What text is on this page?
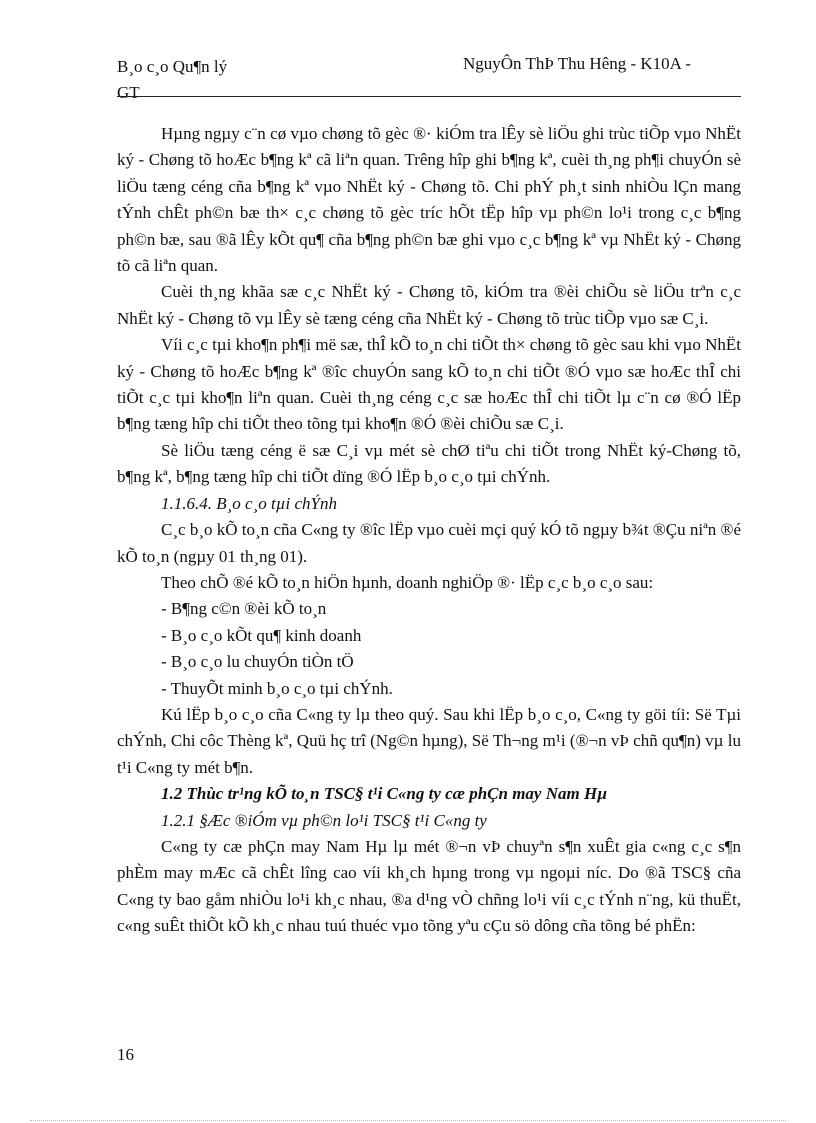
B¸o c¸o Qu¶n lý
GT
NguyÔn ThÞ Thu Hêng - K10A -

Hµng ngµy c¨n cø vµo chøng tõ gèc ®· kiÓm tra lÊy sè liÖu ghi trùc tiÕp vµo NhËt ký - Chøng tõ hoÆc b¶ng kª cã liªn quan. Trêng hîp ghi b¶ng kª, cuèi th¸ng ph¶i chuyÓn sè liÖu tæng céng cña b¶ng kª vµo NhËt ký - Chøng tõ. Chi phÝ ph¸t sinh nhiÒu lÇn mang tÝnh chÊt ph©n bæ th× c¸c chøng tõ gèc tríc hÕt tËp hîp vµ ph©n lo¹i trong c¸c b¶ng ph©n bæ, sau ®ã lÊy kÕt qu¶ cña b¶ng ph©n bæ ghi vµo c¸c b¶ng kª vµ NhËt ký - Chøng tõ cã liªn quan.

Cuèi th¸ng khãa sæ c¸c NhËt ký - Chøng tõ, kiÓm tra ®èi chiÕu sè liÖu trªn c¸c NhËt ký - Chøng tõ vµ lÊy sè tæng céng cña NhËt ký - Chøng tõ trùc tiÕp vµo sæ C¸i.

Víi c¸c tµi kho¶n ph¶i më sæ, thÎ kÕ to¸n chi tiÕt th× chøng tõ gèc sau khi vµo NhËt ký - Chøng tõ hoÆc b¶ng kª ®îc chuyÓn sang kÕ to¸n chi tiÕt ®Ó vµo sæ hoÆc thÎ chi tiÕt c¸c tµi kho¶n liªn quan. Cuèi th¸ng céng c¸c sæ hoÆc thÎ chi tiÕt lµ c¨n cø ®Ó lËp b¶ng tæng hîp chi tiÕt theo tõng tµi kho¶n ®Ó ®èi chiÕu sæ C¸i.

Sè liÖu tæng céng ë sæ C¸i vµ mét sè chØ tiªu chi tiÕt trong NhËt ký-Chøng tõ, b¶ng kª, b¶ng tæng hîp chi tiÕt dïng ®Ó lËp b¸o c¸o tµi chÝnh.

1.1.6.4. B¸o c¸o tµi chÝnh

C¸c b¸o kÕ to¸n cña C«ng ty ®îc lËp vµo cuèi mçi quý kÓ tõ ngµy b¾t ®Çu niªn ®é kÕ to¸n (ngµy 01 th¸ng 01).

Theo chÕ ®é kÕ to¸n hiÖn hµnh, doanh nghiÖp ®· lËp c¸c b¸o c¸o sau:

- B¶ng c©n ®èi kÕ to¸n

- B¸o c¸o kÕt qu¶ kinh doanh

- B¸o c¸o lu chuyÓn tiÒn tÖ

- ThuyÕt minh b¸o c¸o tµi chÝnh.

Kú lËp b¸o c¸o cña C«ng ty lµ theo quý. Sau khi lËp b¸o c¸o, C«ng ty göi tíi: Së Tµi chÝnh, Chi côc Thèng kª, Quü hç trî (Ng©n hµng), Së Th¬ng m¹i (®¬n vÞ chñ qu¶n) vµ lu t¹i C«ng ty mét b¶n.

1.2 Thùc tr¹ng kÕ to¸n TSC§ t¹i C«ng ty cæ phÇn may Nam Hµ

1.2.1 §Æc ®iÓm vµ ph©n lo¹i TSC§ t¹i C«ng ty

C«ng ty cæ phÇn may Nam Hµ lµ mét ®¬n vÞ chuyªn s¶n xuÊt gia c«ng c¸c s¶n phÈm may mÆc cã chÊt lîng cao víi kh¸ch hµng trong vµ ngoµi níc. Do ®ã TSC§ cña C«ng ty bao gåm nhiÒu lo¹i kh¸c nhau, ®a d¹ng vÒ chñng lo¹i víi c¸c tÝnh n¨ng, kü thuËt, c«ng suÊt thiÕt kÕ kh¸c nhau tuú thuéc vµo tõng yªu cÇu sö dông cña tõng bé phËn:

16
